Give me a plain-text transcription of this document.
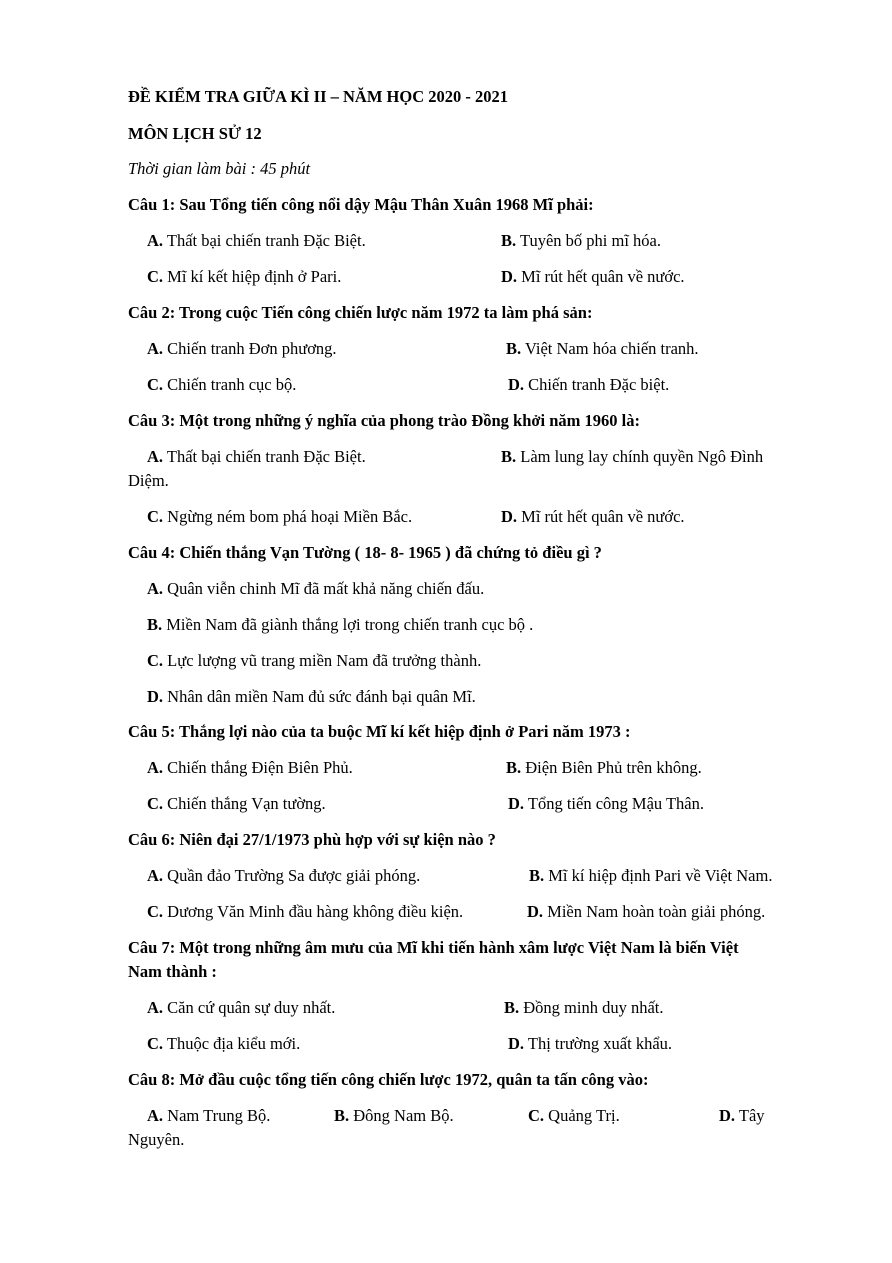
ĐỀ KIỂM TRA GIỮA KÌ II – NĂM HỌC 2020 - 2021
MÔN LỊCH SỬ 12
Thời gian làm bài : 45 phút
Câu 1: Sau Tổng tiến công nổi dậy Mậu Thân Xuân 1968 Mĩ phải:
A. Thất bại chiến tranh Đặc Biệt.	B. Tuyên bố phi mĩ hóa.
C. Mĩ kí kết hiệp định ở Pari.	D. Mĩ rút hết quân về nước.
Câu 2: Trong cuộc Tiến công chiến lược năm 1972 ta làm phá sản:
A. Chiến tranh Đơn phương.	B. Việt Nam hóa chiến tranh.
C. Chiến tranh cục bộ.	D. Chiến tranh Đặc biệt.
Câu 3: Một trong những ý nghĩa của phong trào Đồng khởi năm 1960 là:
A. Thất bại chiến tranh Đặc Biệt.	B. Làm lung lay chính quyền Ngô Đình
Diệm.
C. Ngừng ném bom phá hoại Miền Bắc.	D. Mĩ rút hết quân về nước.
Câu 4: Chiến thắng Vạn Tường ( 18- 8- 1965 ) đã chứng tỏ điều gì ?
A. Quân viễn chinh Mĩ đã mất khả năng chiến đấu.
B. Miền Nam đã giành thắng lợi trong chiến tranh cục bộ .
C. Lực lượng vũ trang miền Nam đã trưởng thành.
D. Nhân dân miền Nam đủ sức đánh bại quân Mĩ.
Câu 5: Thắng lợi nào của ta buộc Mĩ kí kết hiệp định ở Pari năm 1973 :
A. Chiến thắng Điện Biên Phủ.	B. Điện Biên Phủ trên không.
C. Chiến thắng Vạn tường.	D. Tổng tiến công Mậu Thân.
Câu 6: Niên đại 27/1/1973 phù hợp với sự kiện nào ?
A. Quần đảo Trường Sa được giải phóng.	B. Mĩ kí hiệp định Pari về Việt Nam.
C. Dương Văn Minh đầu hàng không điều kiện.	D. Miền Nam hoàn toàn giải phóng.
Câu 7: Một trong những âm mưu của Mĩ khi tiến hành xâm lược Việt Nam là biến Việt
Nam thành :
A. Căn cứ quân sự duy nhất.	B. Đồng minh duy nhất.
C. Thuộc địa kiểu mới.	D. Thị trường xuất khẩu.
Câu 8: Mở đầu cuộc tổng tiến công chiến lược 1972, quân ta tấn công vào:
A. Nam Trung Bộ.	B. Đông Nam Bộ.	C. Quảng Trị.	D. Tây
Nguyên.
